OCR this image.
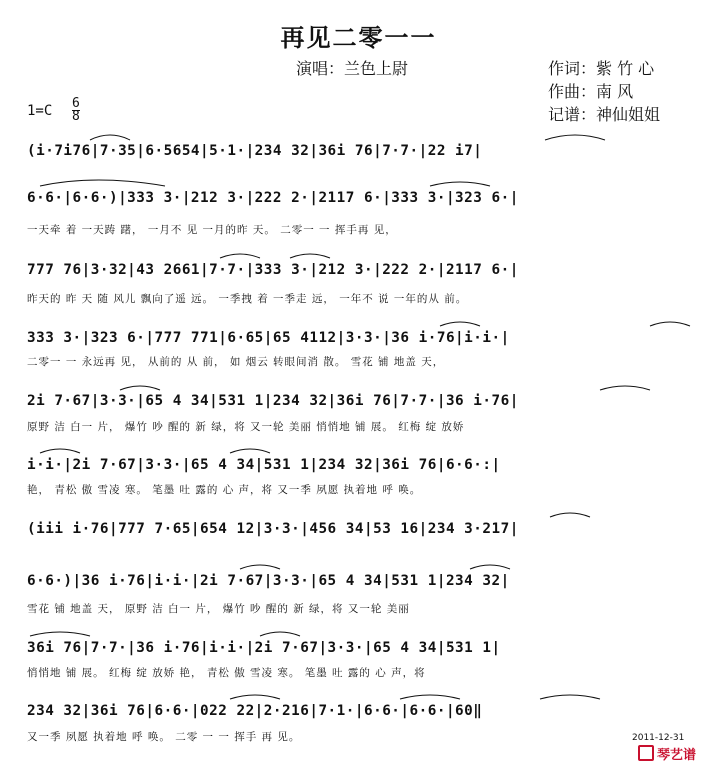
再见二零一一
演唱：兰色上尉	作词：紫 竹 心
作曲：南 风
记谱：神仙姐姐
1=C 6
8
(i·7i76|7·35|6·5654|5·1·|234 32|36i 76|7·7·|22 i7|
6·6·|6·6·)|333 3·|212 3·|222 2·|2117 6·|333 3·|323 6·|
一天牵 着 一天踌 躇， 一月不 见 一月的昨 天。 二零一 一 挥手再 见，
777 76|3·32|43 2661|7·7·|333 3·|212 3·|222 2·|2117 6·|
昨天的 昨 天 随 风儿 飘向了遥 远。 一季拽 着 一季走 远， 一年不 说 一年的从 前。
333 3·|323 6·|777 771|6·65|65 4112|3·3·|36 i·76|i·i·|
二零一 一 永远再 见， 从前的 从 前， 如 烟云 转眼间消 散。 雪花 铺 地盖 天，
2i 7·67|3·3·|65 4 34|531 1|234 32|36i 76|7·7·|36 i·76|
原野 洁 白一 片， 爆竹 吵 醒的 新 绿，将 又一轮 美丽 悄悄地 铺 展。 红梅 绽 放娇
i·i·|2i 7·67|3·3·|65 4 34|531 1|234 32|36i 76|6·6·:|
艳， 青松 傲 雪凌 寒。 笔墨 吐 露的 心 声，将 又一季 夙愿 执着地 呼 唤。
(iii i·76|777 7·65|654 12|3·3·|456 34|53 16|234 3·217|
6·6·)|36 i·76|i·i·|2i 7·67|3·3·|65 4 34|531 1|234 32|
雪花 铺 地盖 天， 原野 洁 白一 片， 爆竹 吵 醒的 新 绿，将 又一轮 美丽
36i 76|7·7·|36 i·76|i·i·|2i 7·67|3·3·|65 4 34|531 1|
悄悄地 铺 展。 红梅 绽 放娇 艳， 青松 傲 雪凌 寒。 笔墨 吐 露的 心 声，将
234 32|36i 76|6·6·|022 22|2·216|7·1·|6·6·|6·6·|60‖
又一季 夙愿 执着地 呼 唤。 二零 一 一 挥手 再 见。	2011-12-31
琴艺谱
